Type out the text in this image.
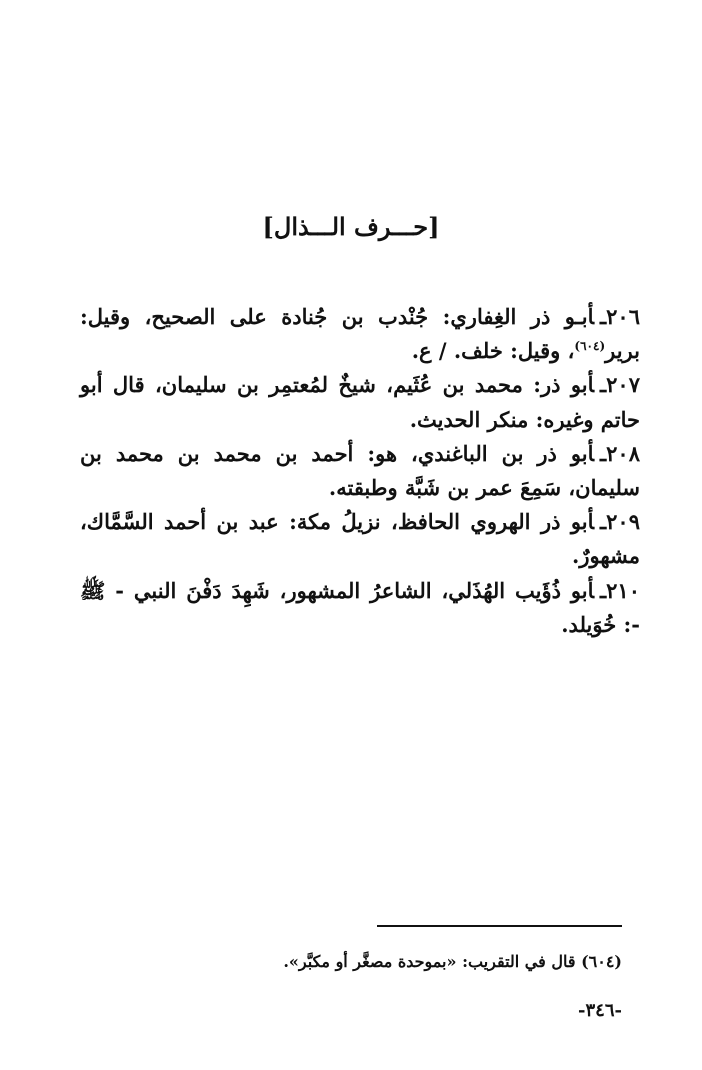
[حـــرف الـــذال]

٢٠٦ـأبـو ذر الغِفاري: جُنْدب بن جُنادة على الصحيح، وقيل: برير$^{(٦٠٤)}$، وقيل: خلف. / ع.

٢٠٧ـأبو ذر: محمد بن عُثَيم، شيخٌ لمُعتمِر بن سليمان، قال أبو حاتم وغيره: منكر الحديث.

٢٠٨ـأبو ذر بن الباغندي، هو: أحمد بن محمد بن محمد بن سليمان، سَمِعَ عمر بن شَبَّة وطبقته.

٢٠٩ـأبو ذر الهروي الحافظ، نزيلُ مكة: عبد بن أحمد السَّمَّاك، مشهورٌ.

٢١٠ـأبو ذُؤَيب الهُذَلي، الشاعرُ المشهور، شَهِدَ دَفْنَ النبي - ﷺ -: خُوَيلد.

(٦٠٤) قال في التقريب: «بموحدة مصغَّر أو مكبَّر».
-٣٤٦-
